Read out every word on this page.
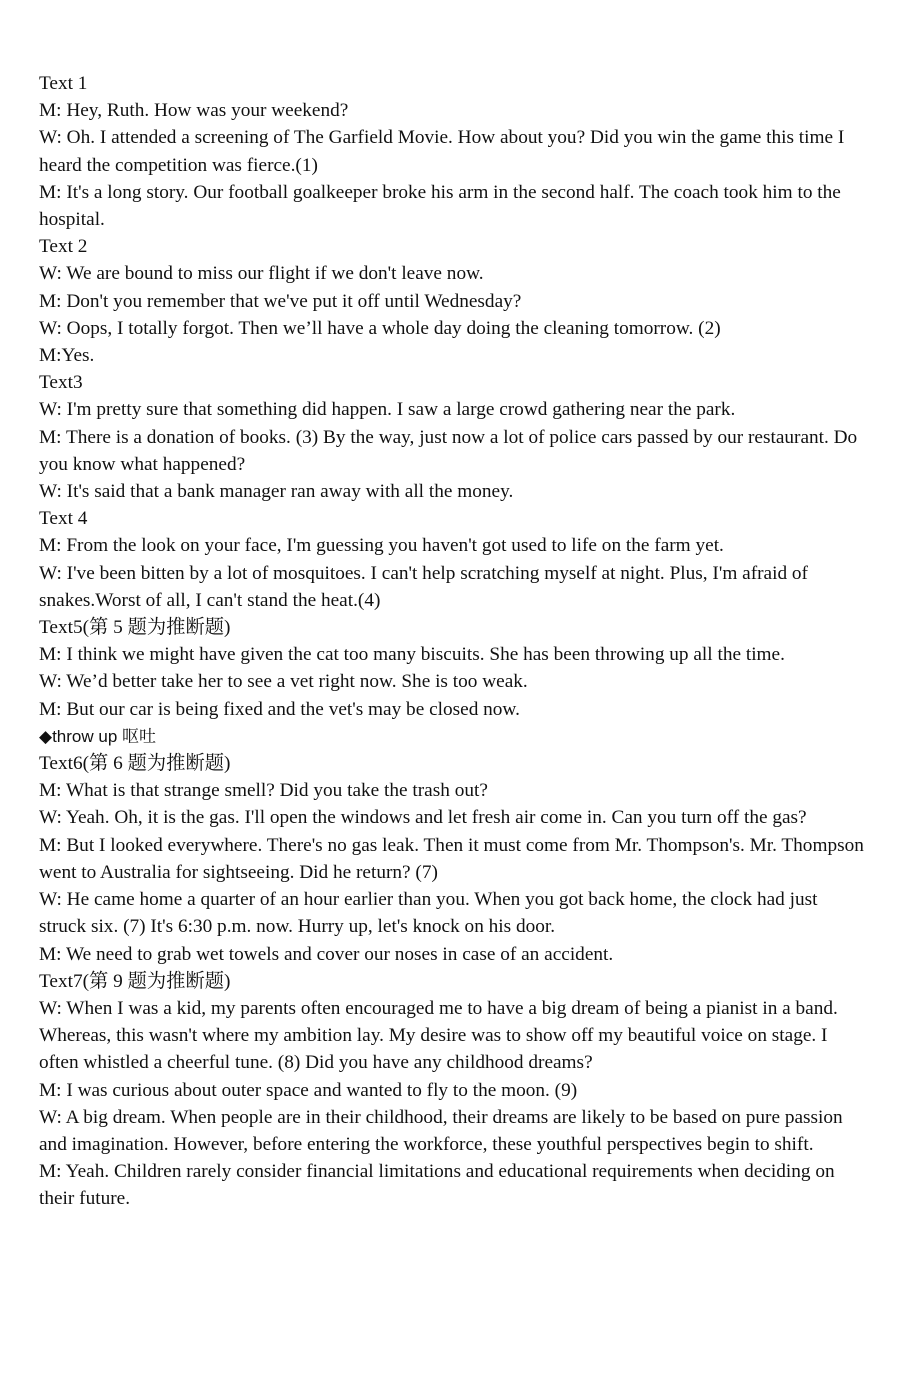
Text 1

M: Hey, Ruth. How was your weekend?

W: Oh. I attended a screening of The Garfield Movie. How about you? Did you win the game this time I heard the competition was fierce.(1)

M: It's a long story. Our football goalkeeper broke his arm in the second half. The coach took him to the hospital.

Text 2

W: We are bound to miss our flight if we don't leave now.

M: Don't you remember that we've put it off until Wednesday?

W: Oops, I totally forgot. Then we’ll have a whole day doing the cleaning tomorrow. (2)

M:Yes.

Text3

W: I'm pretty sure that something did happen. I saw a large crowd gathering near the park.

M: There is a donation of books. (3) By the way, just now a lot of police cars passed by our restaurant. Do you know what happened?

W: It's said that a bank manager ran away with all the money.

Text 4

M: From the look on your face, I'm guessing you haven't got used to life on the farm yet.

W: I've been bitten by a lot of mosquitoes. I can't help scratching myself at night. Plus, I'm afraid of snakes.Worst of all, I can't stand the heat.(4)

Text5(第 5 题为推断题)

M: I think we might have given the cat too many biscuits. She has been throwing up all the time.

W: We’d better take her to see a vet right now. She is too weak.

M: But our car is being fixed and the vet's may be closed now.

◆throw up 呕吐

Text6(第 6 题为推断题)

M: What is that strange smell? Did you take the trash out?

W: Yeah. Oh, it is the gas. I'll open the windows and let fresh air come in. Can you turn off the gas?

M: But I looked everywhere. There's no gas leak. Then it must come from Mr. Thompson's. Mr. Thompson went to Australia for sightseeing. Did he return? (7)

W: He came home a quarter of an hour earlier than you. When you got back home, the clock had just struck six. (7) It's 6:30 p.m. now. Hurry up, let's knock on his door.

M: We need to grab wet towels and cover our noses in case of an accident.

Text7(第 9 题为推断题)

W: When I was a kid, my parents often encouraged me to have a big dream of being a pianist in a band. Whereas, this wasn't where my ambition lay. My desire was to show off my beautiful voice on stage. I often whistled a cheerful tune. (8) Did you have any childhood dreams?

M: I was curious about outer space and wanted to fly to the moon. (9)

W: A big dream. When people are in their childhood, their dreams are likely to be based on pure passion and imagination. However, before entering the workforce, these youthful perspectives begin to shift.

M: Yeah. Children rarely consider financial limitations and educational requirements when deciding on their future.
